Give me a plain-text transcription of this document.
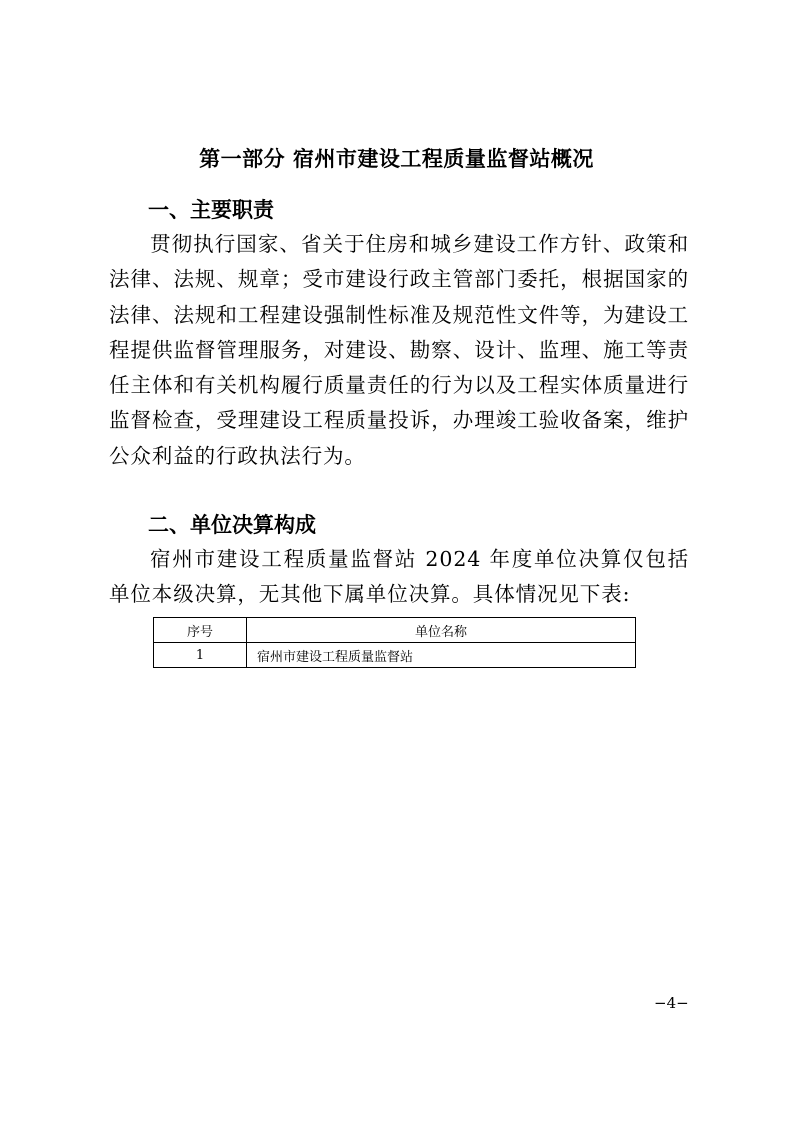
第一部分 宿州市建设工程质量监督站概况
一、主要职责
贯彻执行国家、省关于住房和城乡建设工作方针、政策和法律、法规、规章；受市建设行政主管部门委托，根据国家的法律、法规和工程建设强制性标准及规范性文件等，为建设工程提供监督管理服务，对建设、勘察、设计、监理、施工等责任主体和有关机构履行质量责任的行为以及工程实体质量进行监督检查，受理建设工程质量投诉，办理竣工验收备案，维护公众利益的行政执法行为。
二、单位决算构成
宿州市建设工程质量监督站 2024 年度单位决算仅包括单位本级决算，无其他下属单位决算。具体情况见下表:
序号	单位名称
1	宿州市建设工程质量监督站
−4−
